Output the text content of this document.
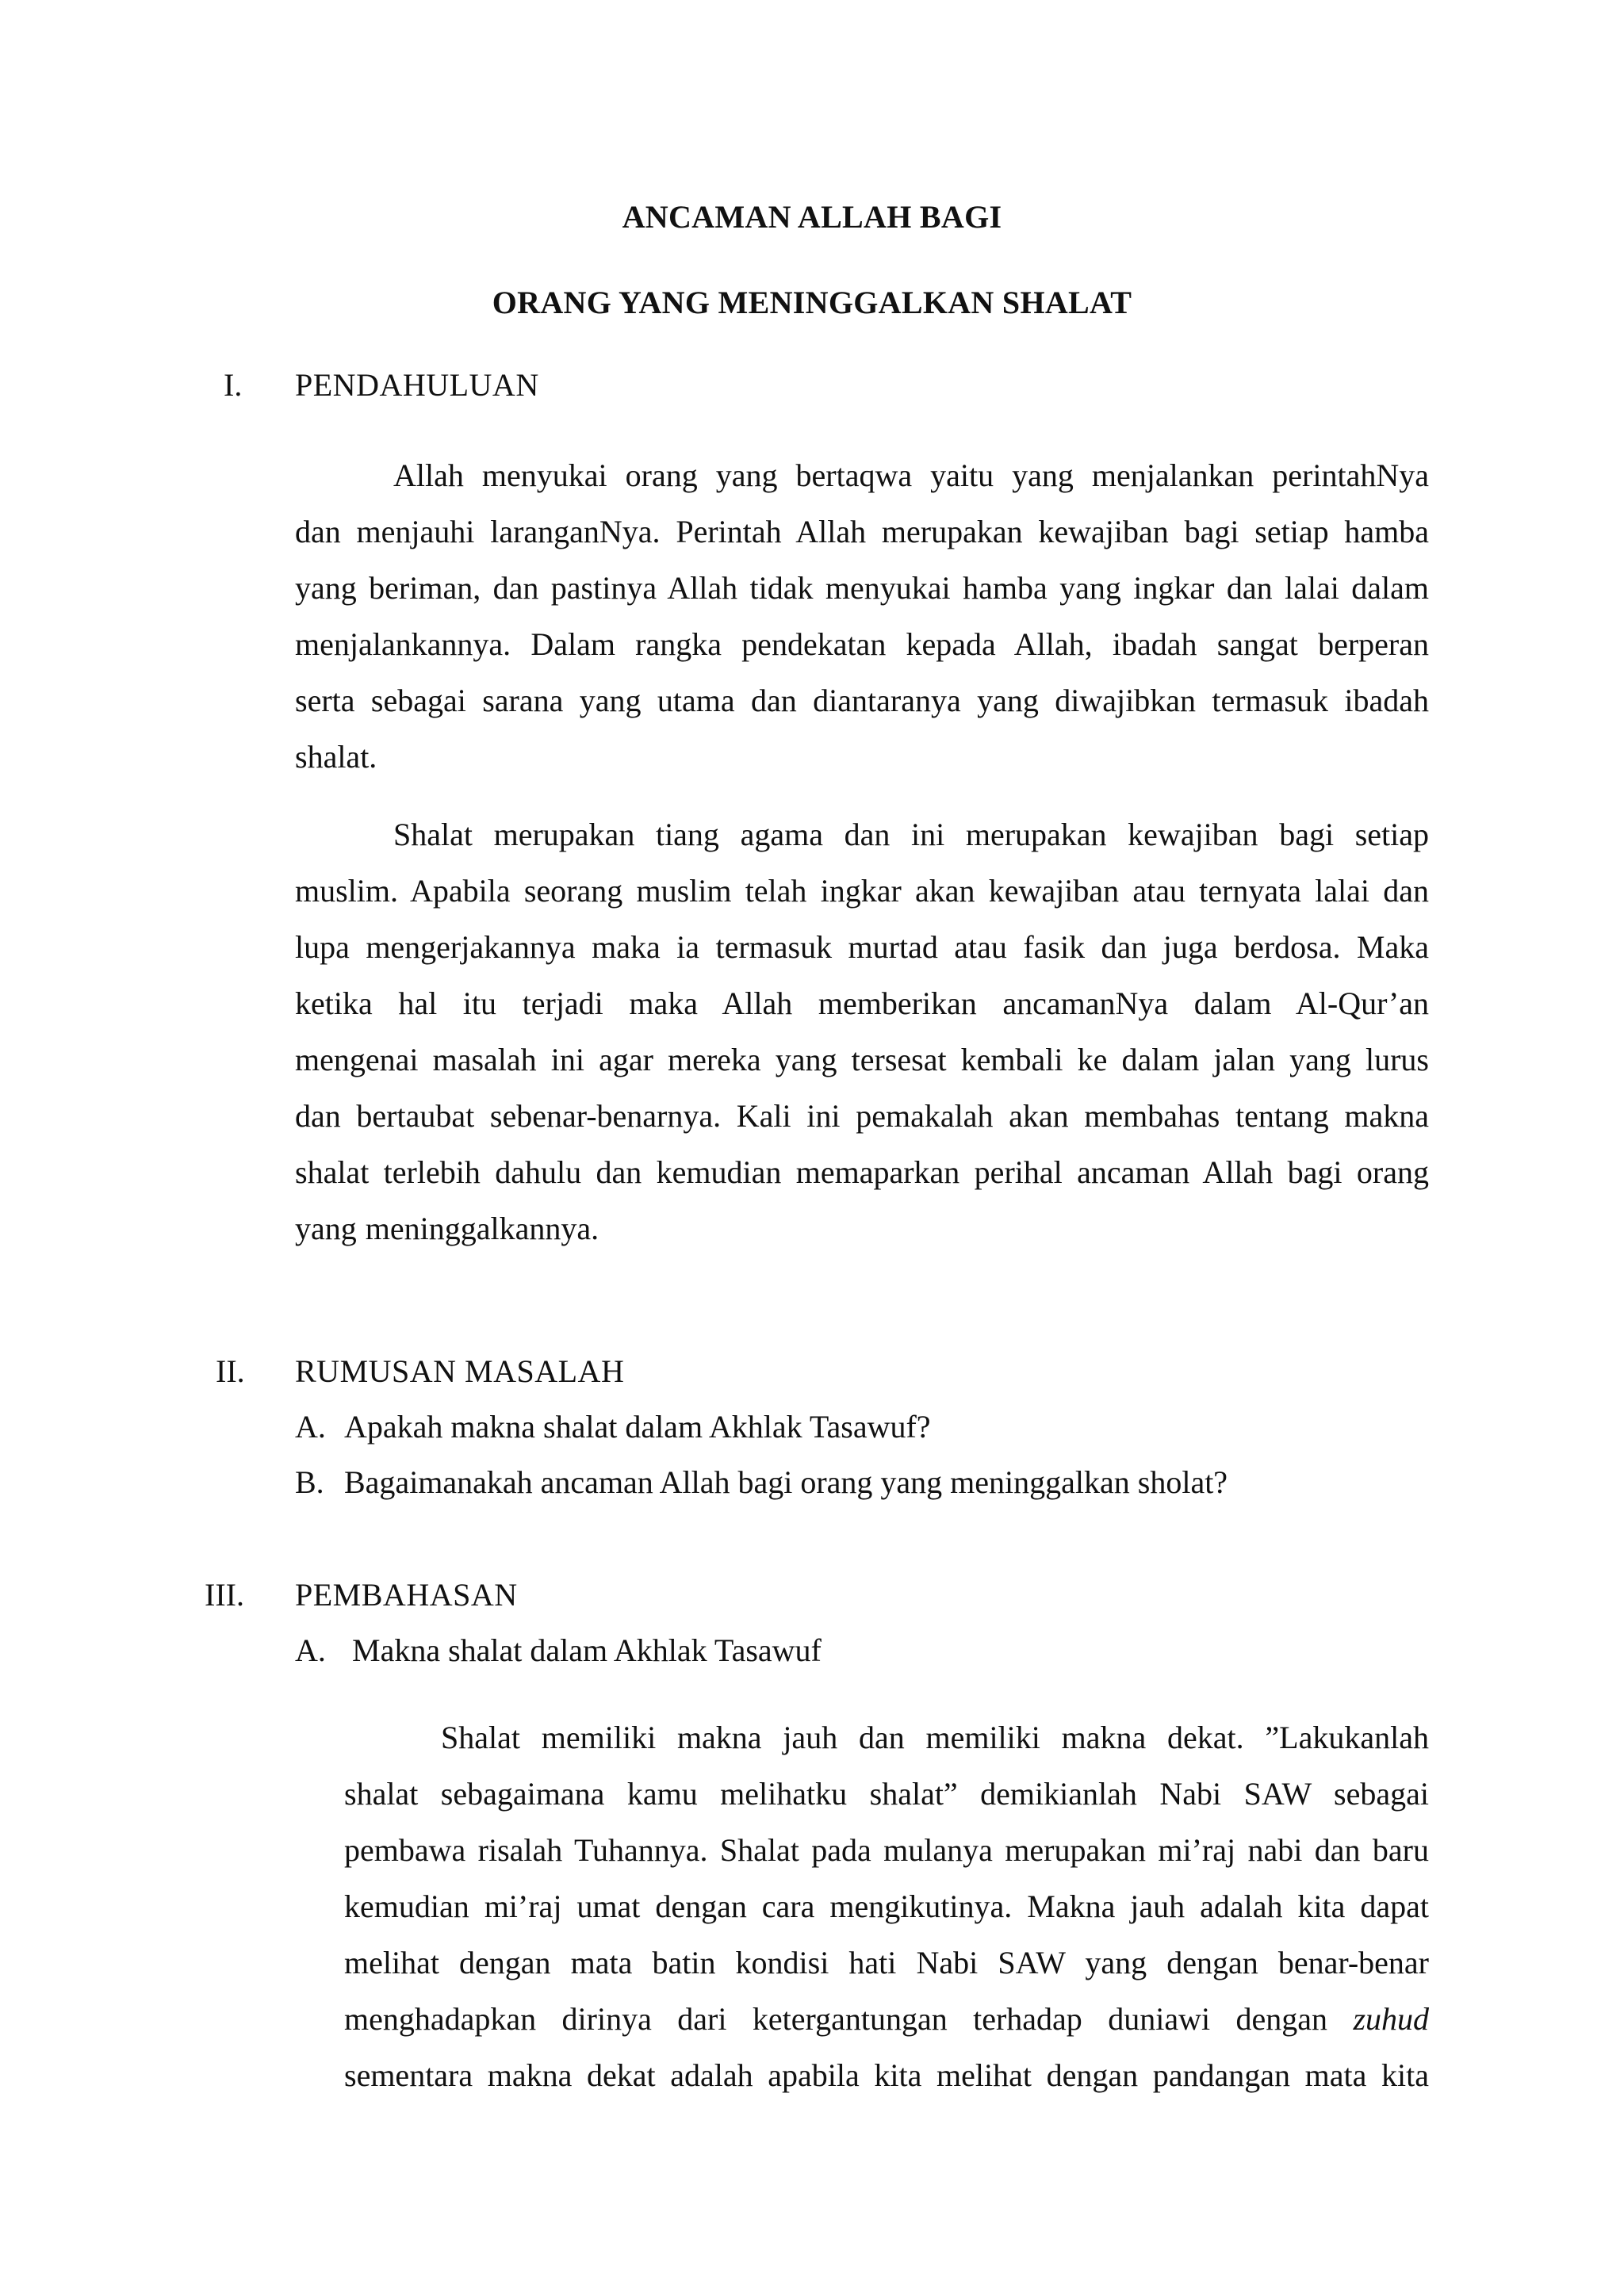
ANCAMAN ALLAH BAGI
ORANG YANG MENINGGALKAN SHALAT
I. PENDAHULUAN
Allah menyukai orang yang bertaqwa yaitu yang menjalankan perintahNya
dan menjauhi laranganNya. Perintah Allah merupakan kewajiban bagi setiap hamba
yang beriman, dan pastinya Allah tidak menyukai hamba yang ingkar dan lalai dalam
menjalankannya. Dalam rangka pendekatan kepada Allah, ibadah sangat berperan
serta sebagai sarana yang utama dan diantaranya yang diwajibkan termasuk ibadah
shalat.
Shalat merupakan tiang agama dan ini merupakan kewajiban bagi setiap
muslim. Apabila seorang muslim telah ingkar akan kewajiban atau ternyata lalai dan
lupa mengerjakannya maka ia termasuk murtad atau fasik dan juga berdosa. Maka
ketika hal itu terjadi maka Allah memberikan ancamanNya dalam Al-Qur’an
mengenai masalah ini agar mereka yang tersesat kembali ke dalam jalan yang lurus
dan bertaubat sebenar-benarnya. Kali ini pemakalah akan membahas tentang makna
shalat terlebih dahulu dan kemudian memaparkan perihal ancaman Allah bagi orang
yang meninggalkannya.
II. RUMUSAN MASALAH
A. Apakah makna shalat dalam Akhlak Tasawuf?
B. Bagaimanakah ancaman Allah bagi orang yang meninggalkan sholat?
III. PEMBAHASAN
A. Makna shalat dalam Akhlak Tasawuf
Shalat memiliki makna jauh dan memiliki makna dekat. ”Lakukanlah
shalat sebagaimana kamu melihatku shalat” demikianlah Nabi SAW sebagai
pembawa risalah Tuhannya. Shalat pada mulanya merupakan mi’raj nabi dan baru
kemudian mi’raj umat dengan cara mengikutinya. Makna jauh adalah kita dapat
melihat dengan mata batin kondisi hati Nabi SAW yang dengan benar-benar
menghadapkan dirinya dari ketergantungan terhadap duniawi dengan zuhud
sementara makna dekat adalah apabila kita melihat dengan pandangan mata kita
